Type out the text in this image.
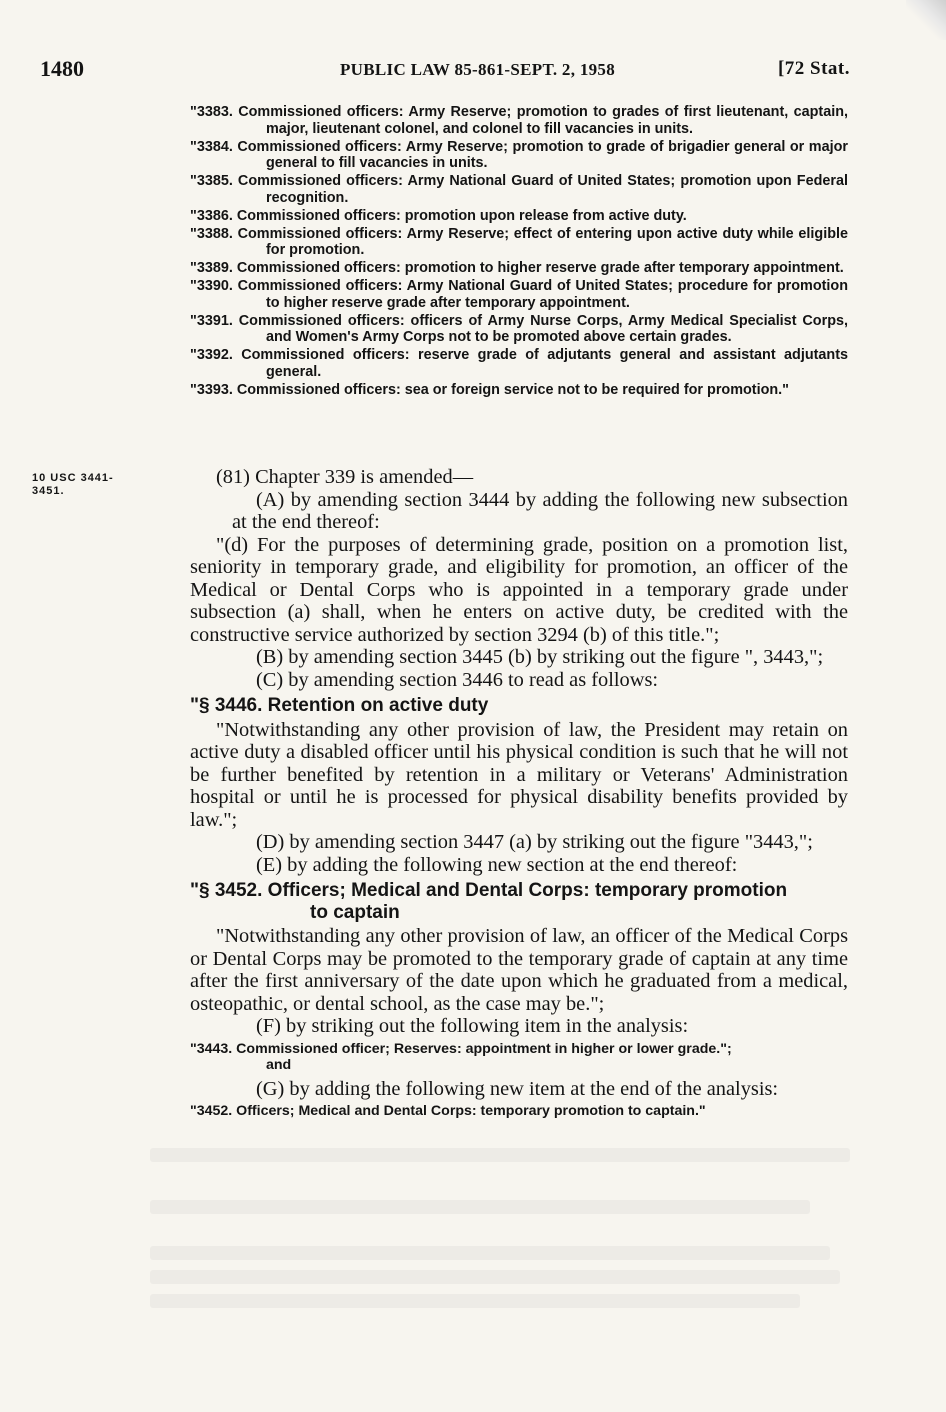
1480	PUBLIC LAW 85-861-SEPT. 2, 1958	[72 Stat.

"3383. Commissioned officers: Army Reserve; promotion to grades of first lieutenant, captain, major, lieutenant colonel, and colonel to fill vacancies in units.

"3384. Commissioned officers: Army Reserve; promotion to grade of brigadier general or major general to fill vacancies in units.

"3385. Commissioned officers: Army National Guard of United States; promotion upon Federal recognition.

"3386. Commissioned officers: promotion upon release from active duty.

"3388. Commissioned officers: Army Reserve; effect of entering upon active duty while eligible for promotion.

"3389. Commissioned officers: promotion to higher reserve grade after temporary appointment.

"3390. Commissioned officers: Army National Guard of United States; procedure for promotion to higher reserve grade after temporary appointment.

"3391. Commissioned officers: officers of Army Nurse Corps, Army Medical Specialist Corps, and Women's Army Corps not to be promoted above certain grades.

"3392. Commissioned officers: reserve grade of adjutants general and assistant adjutants general.

"3393. Commissioned officers: sea or foreign service not to be required for promotion."

10 USC 3441-
3451.

(81) Chapter 339 is amended—

(A) by amending section 3444 by adding the following new subsection at the end thereof:

"(d) For the purposes of determining grade, position on a promotion list, seniority in temporary grade, and eligibility for promotion, an officer of the Medical or Dental Corps who is appointed in a temporary grade under subsection (a) shall, when he enters on active duty, be credited with the constructive service authorized by section 3294 (b) of this title.";

(B) by amending section 3445 (b) by striking out the figure ", 3443,";

(C) by amending section 3446 to read as follows:

"§ 3446. Retention on active duty

"Notwithstanding any other provision of law, the President may retain on active duty a disabled officer until his physical condition is such that he will not be further benefited by retention in a military or Veterans' Administration hospital or until he is processed for physical disability benefits provided by law.";

(D) by amending section 3447 (a) by striking out the figure "3443,";

(E) by adding the following new section at the end thereof:

"§ 3452. Officers; Medical and Dental Corps: temporary promotion
to captain

"Notwithstanding any other provision of law, an officer of the Medical Corps or Dental Corps may be promoted to the temporary grade of captain at any time after the first anniversary of the date upon which he graduated from a medical, osteopathic, or dental school, as the case may be.";

(F) by striking out the following item in the analysis:

"3443. Commissioned officer; Reserves: appointment in higher or lower grade.";
and

(G) by adding the following new item at the end of the analysis:

"3452. Officers; Medical and Dental Corps: temporary promotion to captain."
